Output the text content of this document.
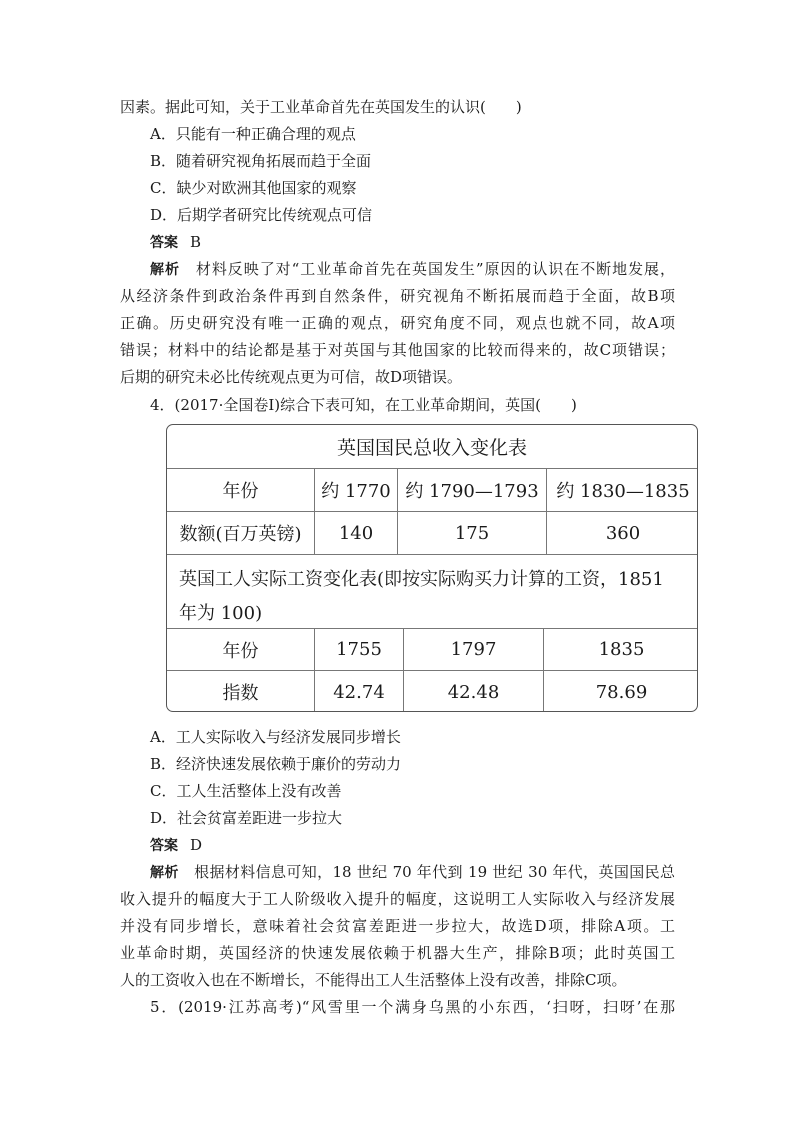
因素。据此可知，关于工业革命首先在英国发生的认识(　　)
A．只能有一种正确合理的观点
B．随着研究视角拓展而趋于全面
C．缺少对欧洲其他国家的观察
D．后期学者研究比传统观点可信
答案 B
解析　 材料反映了对“工业革命首先在英国发生”原因的认识在不断地发展，
从经济条件到政治条件再到自然条件，研究视角不断拓展而趋于全面，故B项
正确。历史研究没有唯一正确的观点，研究角度不同，观点也就不同，故A项
错误；材料中的结论都是基于对英国与其他国家的比较而得来的，故C项错误；
后期的研究未必比传统观点更为可信，故D项错误。
4．(2017·全国卷Ⅰ)综合下表可知，在工业革命期间，英国(　　)
英国国民总收入变化表
年份	约 1770 约 1790—1793 约 1830—1835
数额(百万英镑)	140	175	360
英国工人实际工资变化表(即按实际购买力计算的工资，1851 年为 100)
年份	1755	1797	1835
指数	42.74	42.48	78.69
A．工人实际收入与经济发展同步增长
B．经济快速发展依赖于廉价的劳动力
C．工人生活整体上没有改善
D．社会贫富差距进一步拉大
答案 D
解析　 根据材料信息可知，18 世纪 70 年代到 19 世纪 30 年代，英国国民总
收入提升的幅度大于工人阶级收入提升的幅度，这说明工人实际收入与经济发展
并没有同步增长，意味着社会贫富差距进一步拉大，故选D项，排除A项。工
业革命时期，英国经济的快速发展依赖于机器大生产，排除B项；此时英国工
人的工资收入也在不断增长，不能得出工人生活整体上没有改善，排除C项。
5．(2019·江苏高考)“风雪里一个满身乌黑的小东西，‘扫呀，扫呀’在那
